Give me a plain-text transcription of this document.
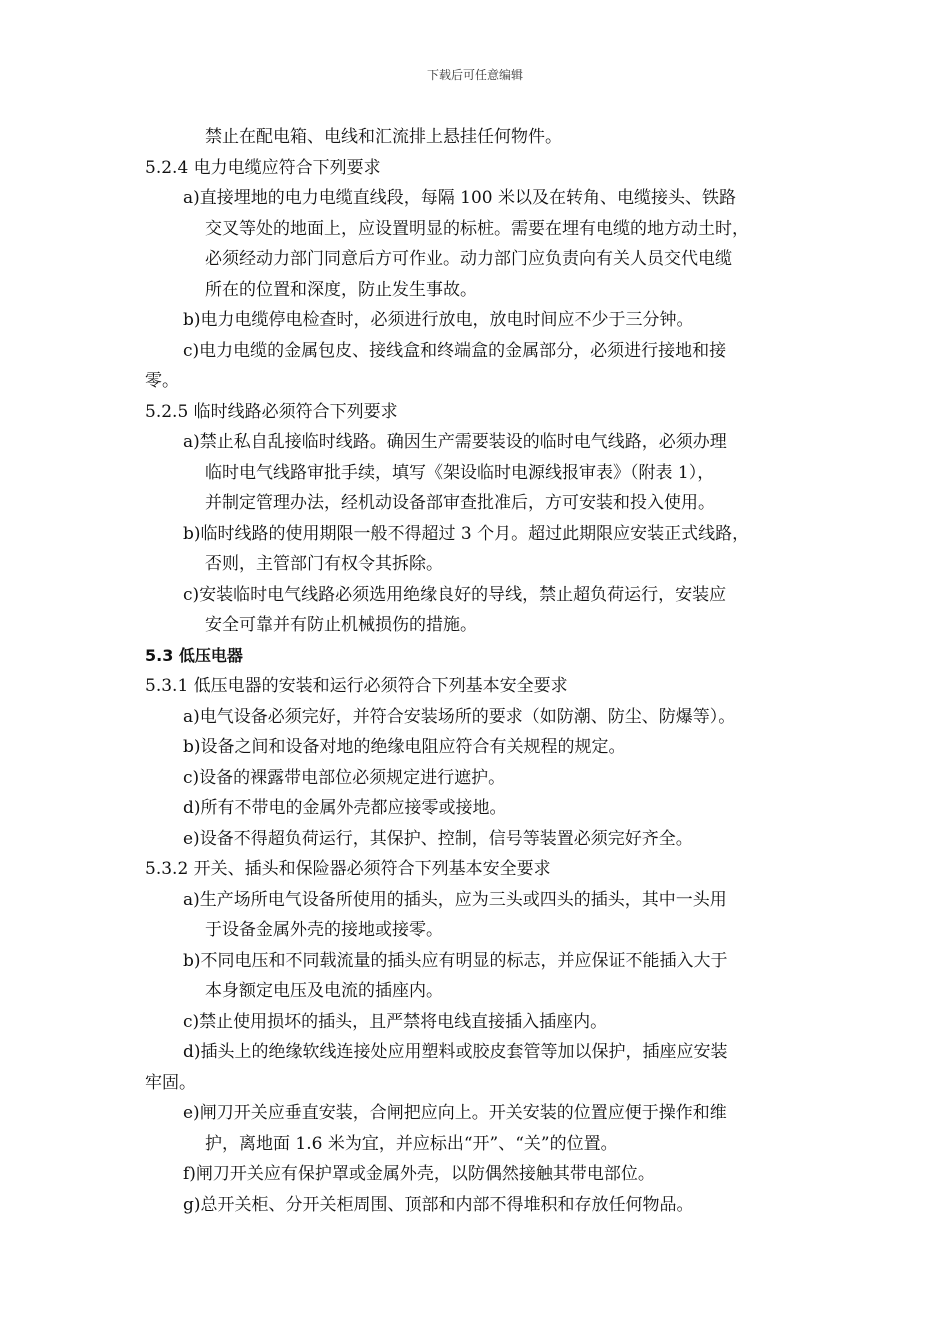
下载后可任意编辑
禁止在配电箱、电线和汇流排上悬挂任何物件。
5.2.4 电力电缆应符合下列要求
a)直接埋地的电力电缆直线段，每隔 100 米以及在转角、电缆接头、铁路
交叉等处的地面上，应设置明显的标桩。需要在埋有电缆的地方动土时，
必须经动力部门同意后方可作业。动力部门应负责向有关人员交代电缆
所在的位置和深度，防止发生事故。
b)电力电缆停电检查时，必须进行放电，放电时间应不少于三分钟。
c)电力电缆的金属包皮、接线盒和终端盒的金属部分，必须进行接地和接
零。
5.2.5 临时线路必须符合下列要求
a)禁止私自乱接临时线路。确因生产需要装设的临时电气线路，必须办理
临时电气线路审批手续，填写《架设临时电源线报审表》（附表 1），
并制定管理办法，经机动设备部审查批准后，方可安装和投入使用。
b)临时线路的使用期限一般不得超过 3 个月。超过此期限应安装正式线路，
否则，主管部门有权令其拆除。
c)安装临时电气线路必须选用绝缘良好的导线，禁止超负荷运行，安装应
安全可靠并有防止机械损伤的措施。
5.3 低压电器
5.3.1 低压电器的安装和运行必须符合下列基本安全要求
a)电气设备必须完好，并符合安装场所的要求（如防潮、防尘、防爆等）。
b)设备之间和设备对地的绝缘电阻应符合有关规程的规定。
c)设备的裸露带电部位必须规定进行遮护。
d)所有不带电的金属外壳都应接零或接地。
e)设备不得超负荷运行，其保护、控制，信号等装置必须完好齐全。
5.3.2 开关、插头和保险器必须符合下列基本安全要求
a)生产场所电气设备所使用的插头，应为三头或四头的插头，其中一头用
于设备金属外壳的接地或接零。
b)不同电压和不同载流量的插头应有明显的标志，并应保证不能插入大于
本身额定电压及电流的插座内。
c)禁止使用损坏的插头，且严禁将电线直接插入插座内。
d)插头上的绝缘软线连接处应用塑料或胶皮套管等加以保护，插座应安装
牢固。
e)闸刀开关应垂直安装，合闸把应向上。开关安装的位置应便于操作和维
护，离地面 1.6 米为宜，并应标出“开”、“关”的位置。
f)闸刀开关应有保护罩或金属外壳，以防偶然接触其带电部位。
g)总开关柜、分开关柜周围、顶部和内部不得堆积和存放任何物品。
